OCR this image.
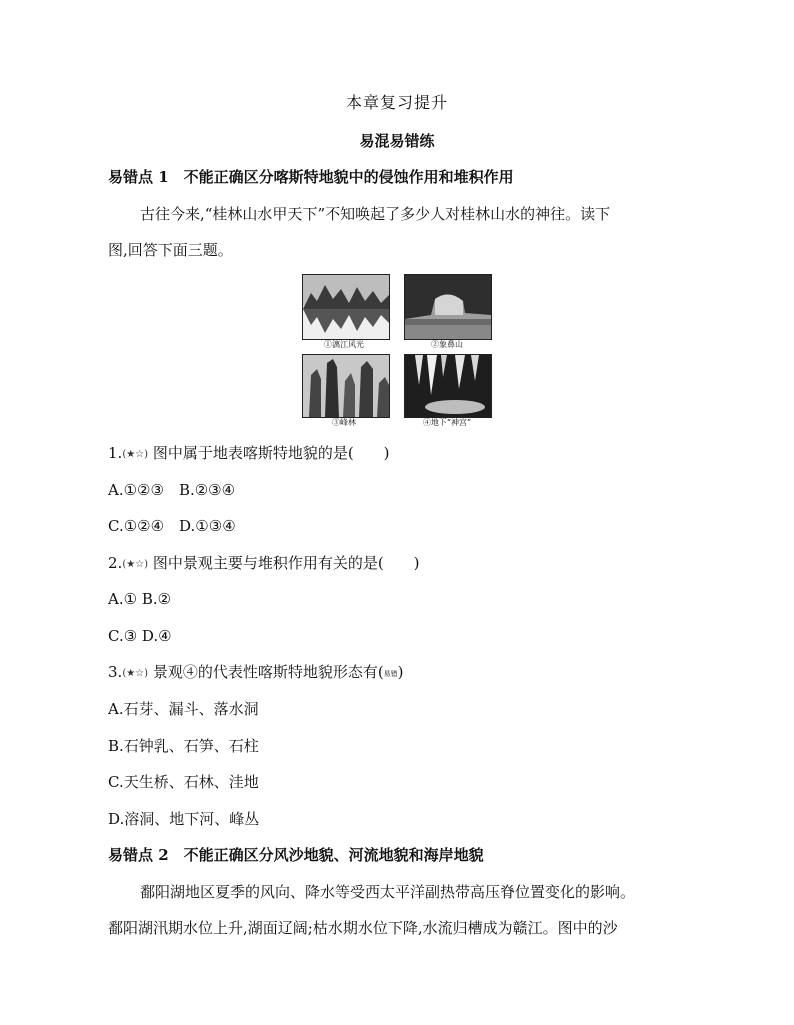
本章复习提升
易混易错练
易错点 1　不能正确区分喀斯特地貌中的侵蚀作用和堆积作用
古往今来,“桂林山水甲天下”不知唤起了多少人对桂林山水的神往。读下
图,回答下面三题。
①漓江风光	②象鼻山
③峰林	④地下“神宫”
1.(★☆) 图中属于地表喀斯特地貌的是(　　)
A.①②③　B.②③④
C.①②④　D.①③④
2.(★☆) 图中景观主要与堆积作用有关的是(　　)
A.① B.②
C.③ D.④
3.(★☆) 景观④的代表性喀斯特地貌形态有(易错)
A.石芽、漏斗、落水洞
B.石钟乳、石笋、石柱
C.天生桥、石林、洼地
D.溶洞、地下河、峰丛
易错点 2　不能正确区分风沙地貌、河流地貌和海岸地貌
鄱阳湖地区夏季的风向、降水等受西太平洋副热带高压脊位置变化的影响。
鄱阳湖汛期水位上升,湖面辽阔;枯水期水位下降,水流归槽成为赣江。图中的沙
